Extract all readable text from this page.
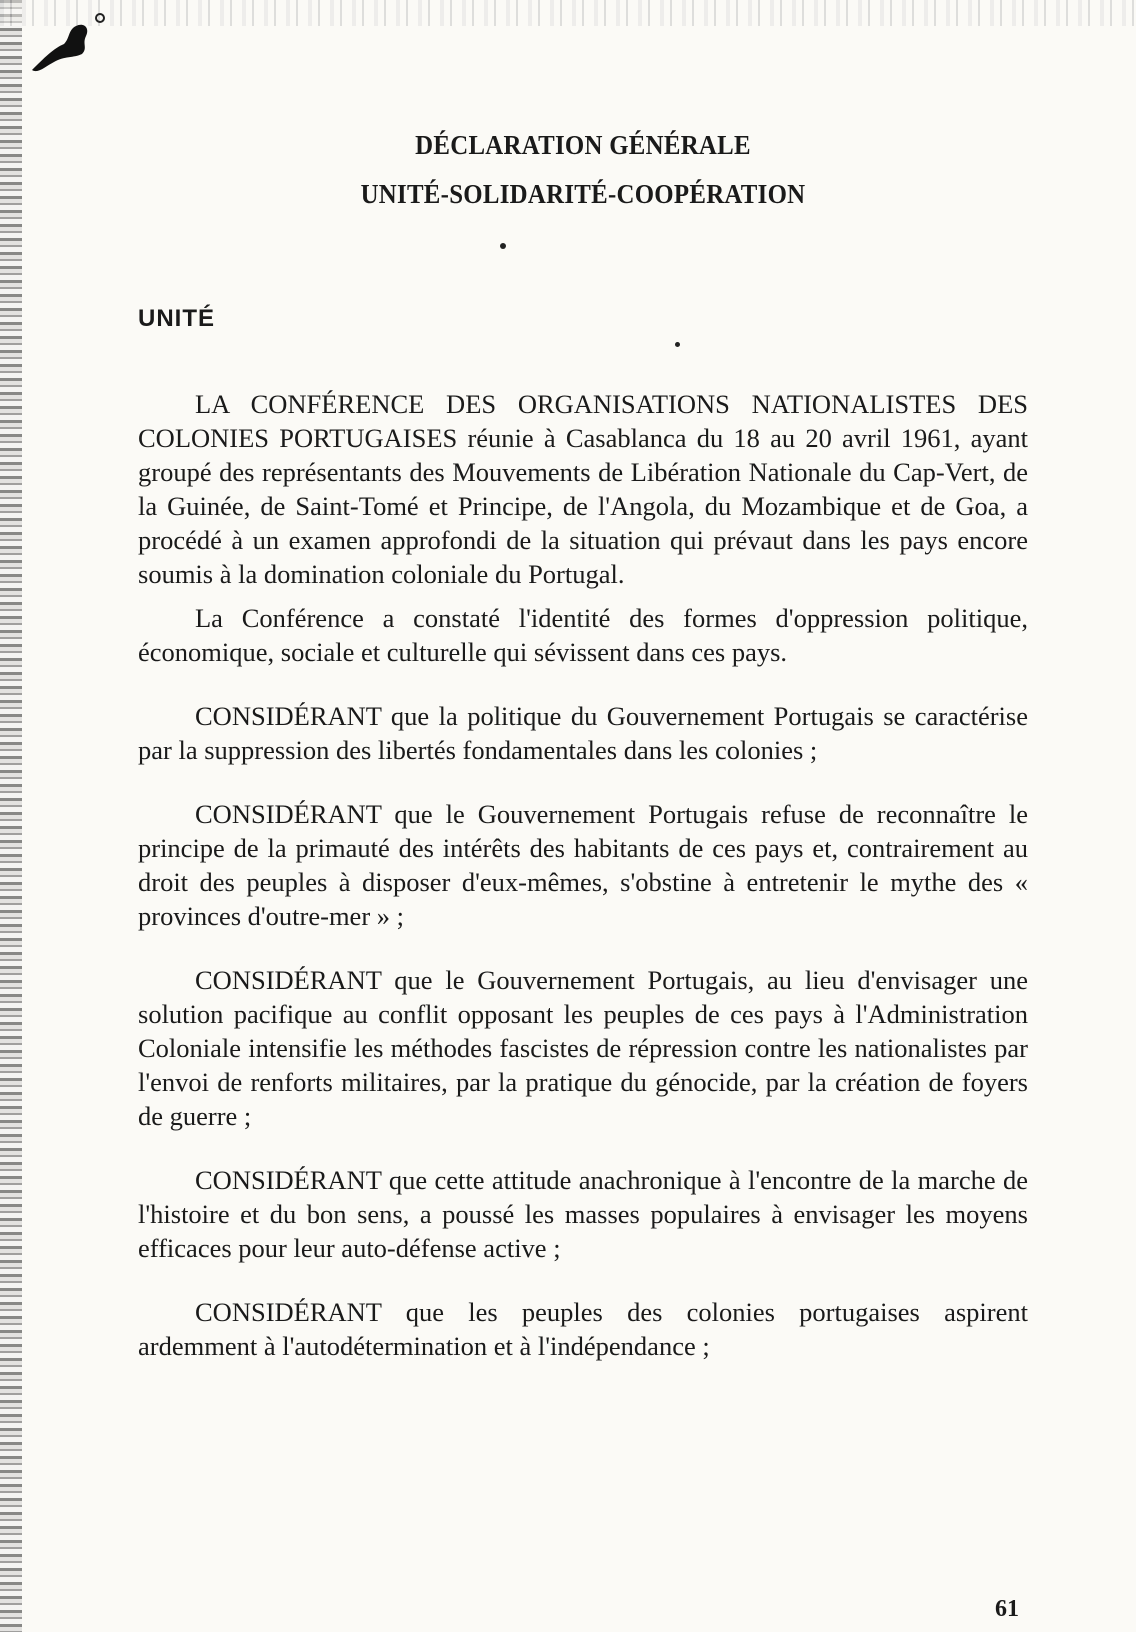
DÉCLARATION GÉNÉRALE

UNITÉ-SOLIDARITÉ-COOPÉRATION

UNITÉ

LA CONFÉRENCE DES ORGANISATIONS NATIONALISTES DES COLONIES PORTUGAISES réunie à Casablanca du 18 au 20 avril 1961, ayant groupé des représentants des Mouvements de Libération Nationale du Cap-Vert, de la Guinée, de Saint-Tomé et Principe, de l'Angola, du Mozambique et de Goa, a procédé à un examen approfondi de la situation qui prévaut dans les pays encore soumis à la domination coloniale du Portugal.

La Conférence a constaté l'identité des formes d'oppression politique, économique, sociale et culturelle qui sévissent dans ces pays.

CONSIDÉRANT que la politique du Gouvernement Portugais se caractérise par la suppression des libertés fondamentales dans les colonies ;

CONSIDÉRANT que le Gouvernement Portugais refuse de reconnaître le principe de la primauté des intérêts des habitants de ces pays et, contrairement au droit des peuples à disposer d'eux-mêmes, s'obstine à entretenir le mythe des « provinces d'outre-mer » ;

CONSIDÉRANT que le Gouvernement Portugais, au lieu d'envisager une solution pacifique au conflit opposant les peuples de ces pays à l'Administration Coloniale intensifie les méthodes fascistes de répression contre les nationalistes par l'envoi de renforts militaires, par la pratique du génocide, par la création de foyers de guerre ;

CONSIDÉRANT que cette attitude anachronique à l'encontre de la marche de l'histoire et du bon sens, a poussé les masses populaires à envisager les moyens efficaces pour leur auto-défense active ;

CONSIDÉRANT que les peuples des colonies portugaises aspirent ardemment à l'autodétermination et à l'indépendance ;

61
